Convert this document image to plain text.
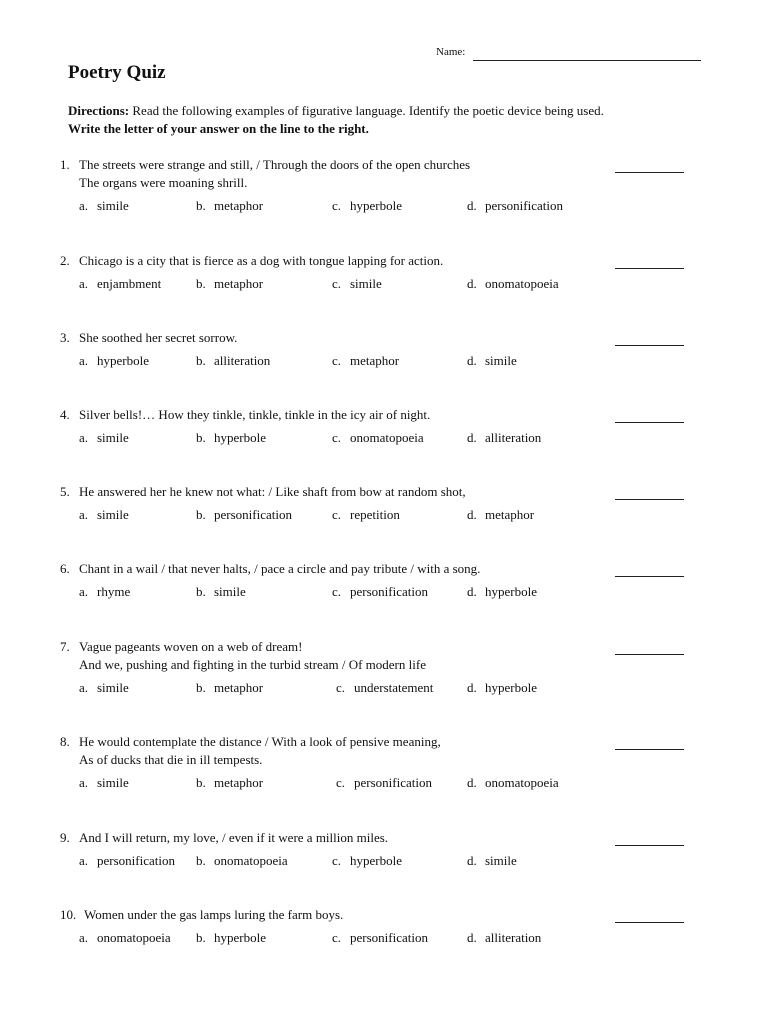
Name:
Poetry Quiz
Directions: Read the following examples of figurative language. Identify the poetic device being used.
Write the letter of your answer on the line to the right.
1. The streets were strange and still, / Through the doors of the open churches
The organs were moaning shrill.
a. simile	b. metaphor	c. hyperbole	d. personification
2. Chicago is a city that is fierce as a dog with tongue lapping for action.
a. enjambment	b. metaphor	c. simile	d. onomatopoeia
3. She soothed her secret sorrow.
a. hyperbole	b. alliteration	c. metaphor	d. simile
4. Silver bells!… How they tinkle, tinkle, tinkle in the icy air of night.
a. simile	b. hyperbole	c. onomatopoeia	d. alliteration
5. He answered her he knew not what: / Like shaft from bow at random shot,
a. simile	b. personification	c. repetition	d. metaphor
6. Chant in a wail / that never halts, / pace a circle and pay tribute / with a song.
a. rhyme	b. simile	c. personification	d. hyperbole
7. Vague pageants woven on a web of dream!
And we, pushing and fighting in the turbid stream / Of modern life
a. simile	b. metaphor	c. understatement	d. hyperbole
8. He would contemplate the distance / With a look of pensive meaning,
As of ducks that die in ill tempests.
a. simile	b. metaphor	c. personification	d. onomatopoeia
9. And I will return, my love, / even if it were a million miles.
a. personification b. onomatopoeia	c. hyperbole	d. simile
10. Women under the gas lamps luring the farm boys.
a. onomatopoeia b. hyperbole	c. personification	d. alliteration
